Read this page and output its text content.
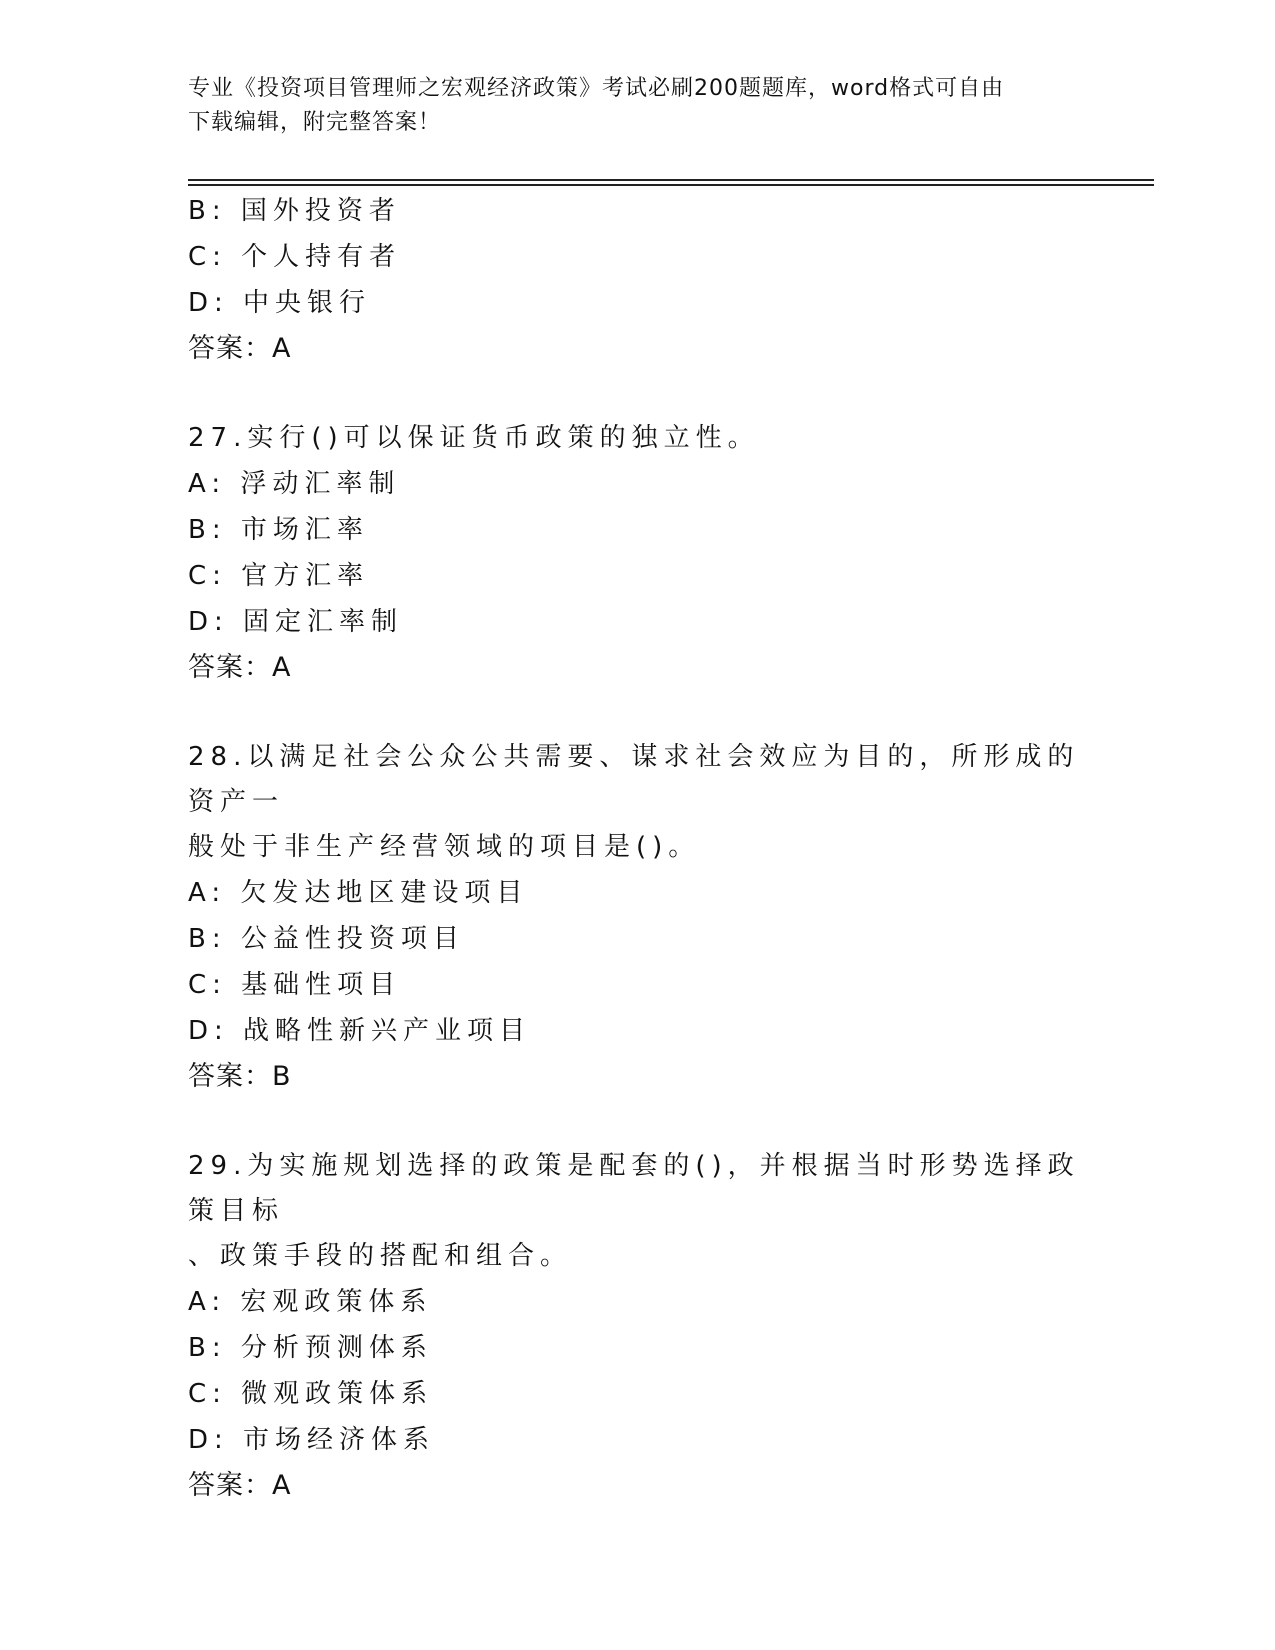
专业《投资项目管理师之宏观经济政策》考试必刷200题题库，word格式可自由
下载编辑，附完整答案！
B: 国外投资者
C: 个人持有者
D: 中央银行
答案：A
27.实行()可以保证货币政策的独立性。
A: 浮动汇率制
B: 市场汇率
C: 官方汇率
D: 固定汇率制
答案：A
28.以满足社会公众公共需要、谋求社会效应为目的，所形成的资产一
般处于非生产经营领域的项目是()。
A: 欠发达地区建设项目
B: 公益性投资项目
C: 基础性项目
D: 战略性新兴产业项目
答案：B
29.为实施规划选择的政策是配套的()，并根据当时形势选择政策目标
、政策手段的搭配和组合。
A: 宏观政策体系
B: 分析预测体系
C: 微观政策体系
D: 市场经济体系
答案：A
